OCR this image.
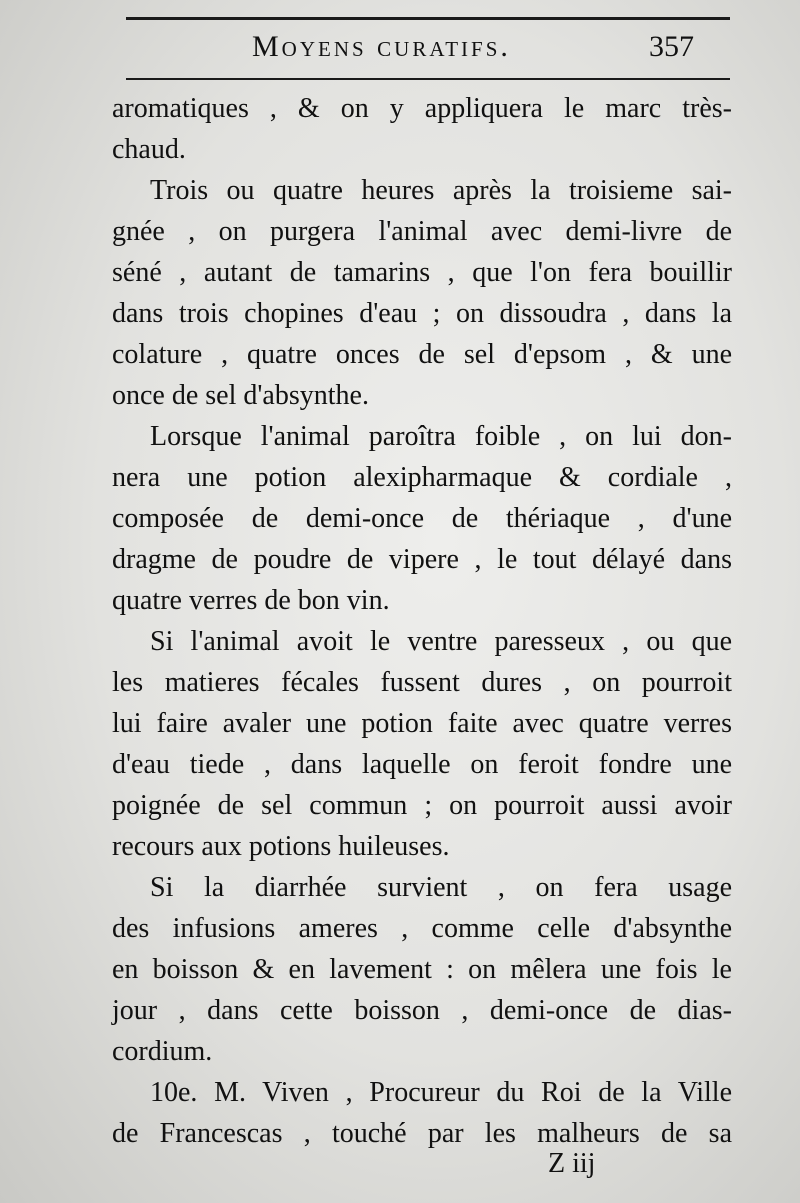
Moyens curatifs.	357
aromatiques , & on y appliquera le marc très-
chaud.
Trois ou quatre heures après la troisieme sai-
gnée , on purgera l'animal avec demi-livre de
séné , autant de tamarins , que l'on fera bouillir
dans trois chopines d'eau ; on dissoudra , dans la
colature , quatre onces de sel d'epsom , & une
once de sel d'absynthe.
Lorsque l'animal paroîtra foible , on lui don-
nera une potion alexipharmaque & cordiale ,
composée de demi-once de thériaque , d'une
dragme de poudre de vipere , le tout délayé dans
quatre verres de bon vin.
Si l'animal avoit le ventre paresseux , ou que
les matieres fécales fussent dures , on pourroit
lui faire avaler une potion faite avec quatre verres
d'eau tiede , dans laquelle on feroit fondre une
poignée de sel commun ; on pourroit aussi avoir
recours aux potions huileuses.
Si la diarrhée survient , on fera usage
des infusions ameres , comme celle d'absynthe
en boisson & en lavement : on mêlera une fois le
jour , dans cette boisson , demi-once de dias-
cordium.
10e. M. Viven , Procureur du Roi de la Ville
de Francescas , touché par les malheurs de sa
Z iij
